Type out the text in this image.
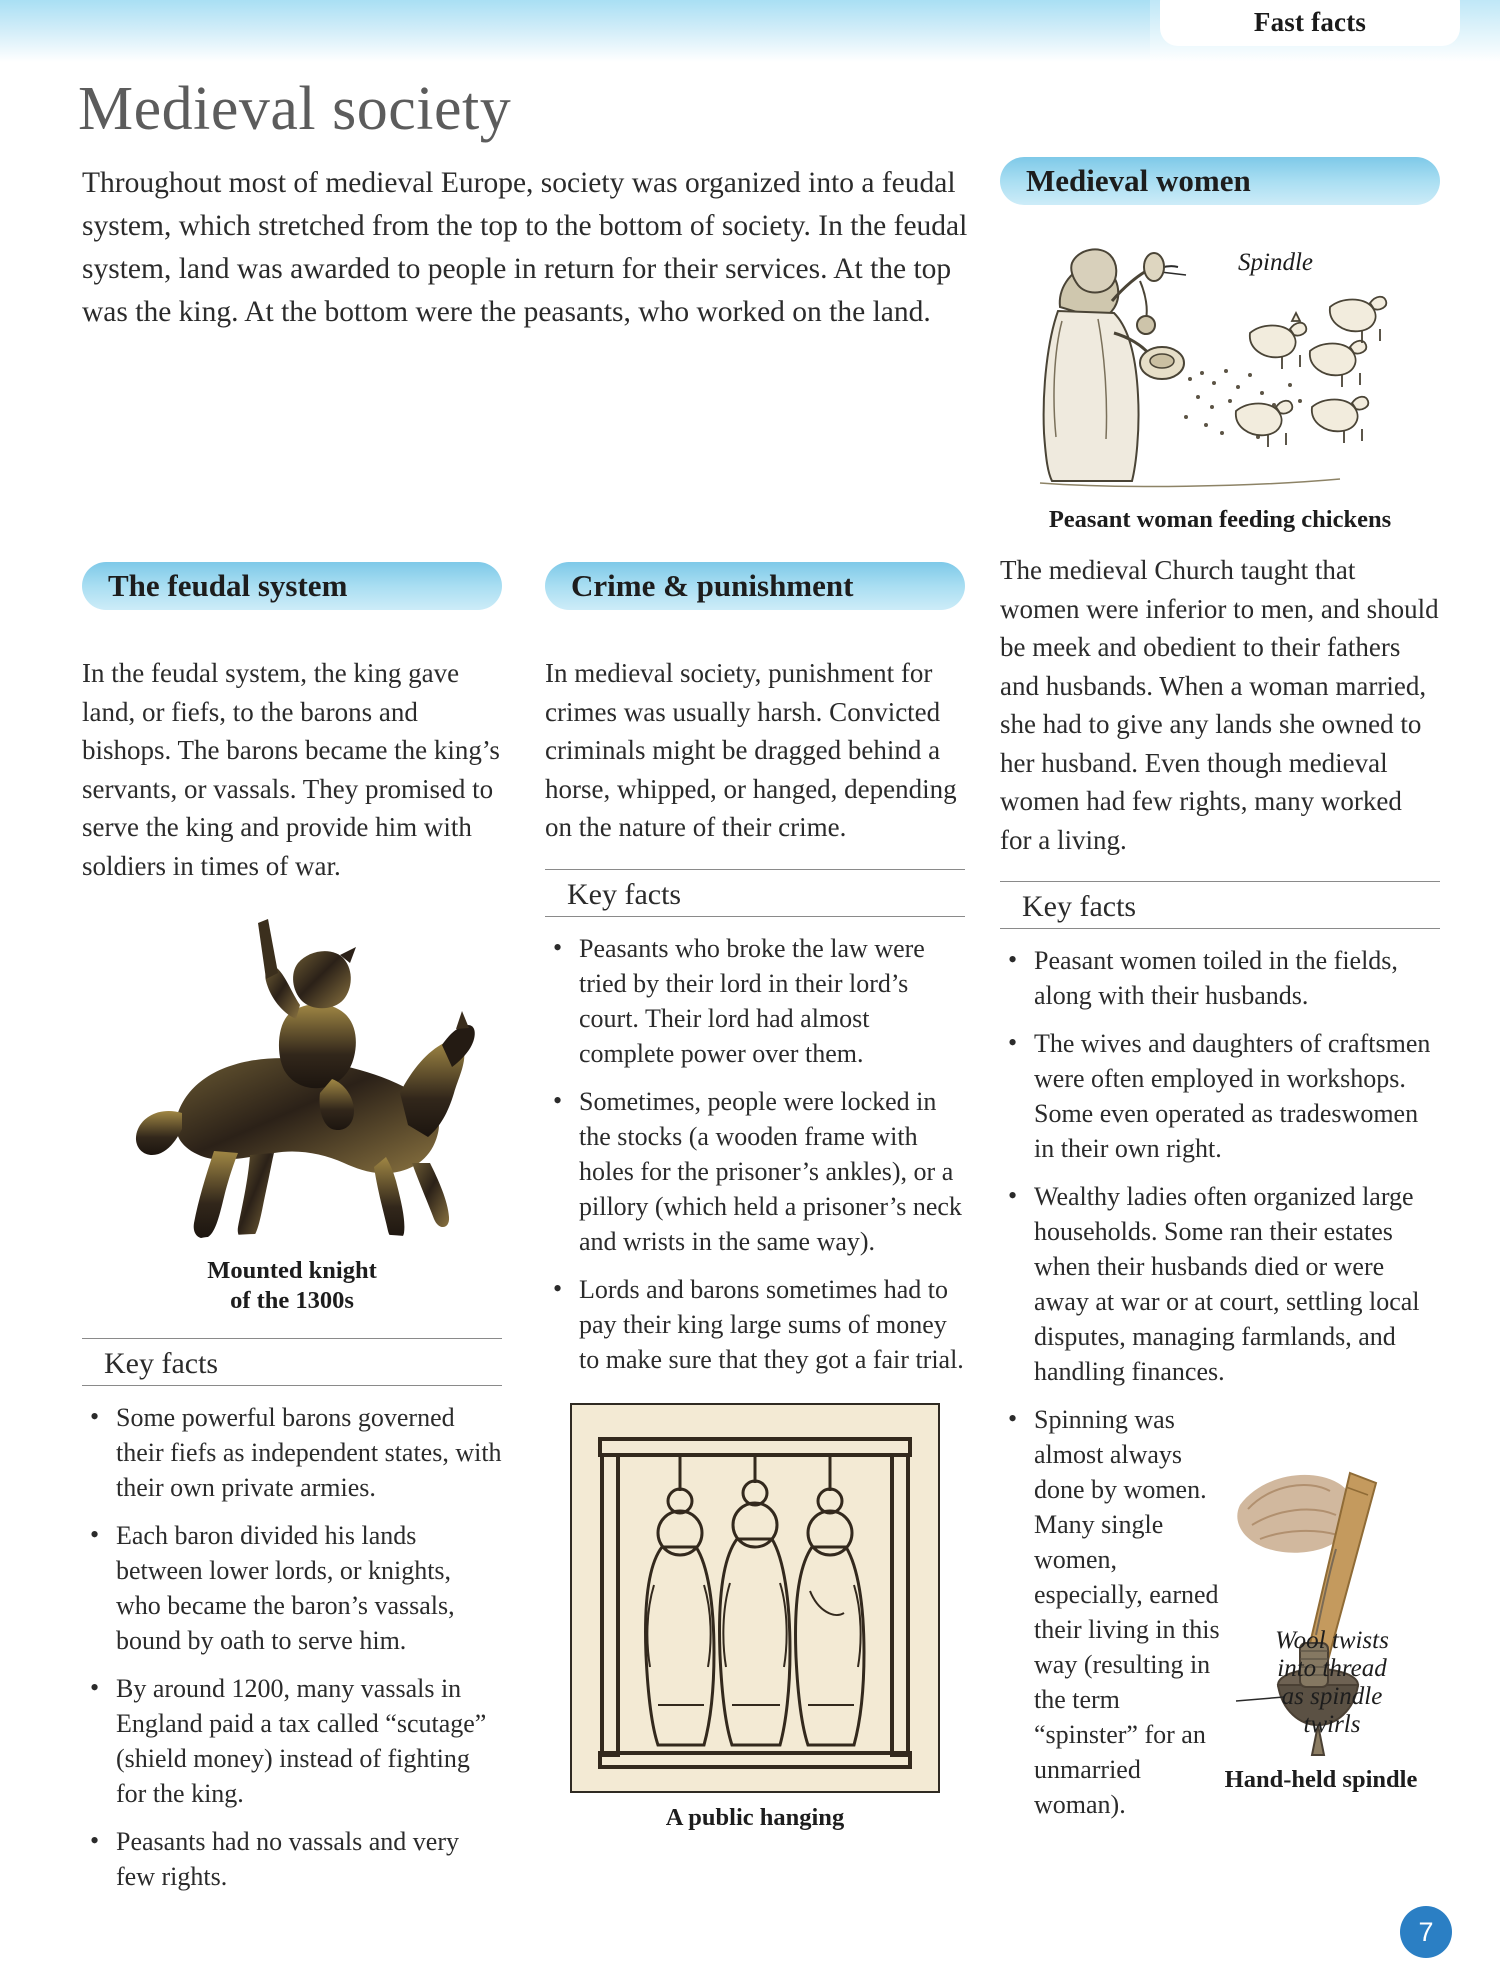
Fast facts
Medieval society
Throughout most of medieval Europe, society was organized into a feudal system, which stretched from the top to the bottom of society. In the feudal system, land was awarded to people in return for their services. At the top was the king. At the bottom were the peasants, who worked on the land.
The feudal system
In the feudal system, the king gave land, or fiefs, to the barons and bishops. The barons became the king’s servants, or vassals. They promised to serve the king and provide him with soldiers in times of war.
Mounted knight
of the 1300s
Key facts
• Some powerful barons governed their fiefs as independent states, with their own private armies.
• Each baron divided his lands between lower lords, or knights, who became the baron’s vassals, bound by oath to serve him.
• By around 1200, many vassals in England paid a tax called “scutage” (shield money) instead of fighting for the king.
• Peasants had no vassals and very few rights.
Crime & punishment
In medieval society, punishment for crimes was usually harsh. Convicted criminals might be dragged behind a horse, whipped, or hanged, depending on the nature of their crime.
Key facts
• Peasants who broke the law were tried by their lord in their lord’s court. Their lord had almost complete power over them.
• Sometimes, people were locked in the stocks (a wooden frame with holes for the prisoner’s ankles), or a pillory (which held a prisoner’s neck and wrists in the same way).
• Lords and barons sometimes had to pay their king large sums of money to make sure that they got a fair trial.
A public hanging
Medieval women
Spindle
Peasant woman feeding chickens
The medieval Church taught that women were inferior to men, and should be meek and obedient to their fathers and husbands. When a woman married, she had to give any lands she owned to her husband. Even though medieval women had few rights, many worked for a living.
Key facts
• Peasant women toiled in the fields, along with their husbands.
• The wives and daughters of craftsmen were often employed in workshops. Some even operated as tradeswomen in their own right.
• Wealthy ladies often organized large households. Some ran their estates when their husbands died or were away at war or at court, settling local disputes, managing farmlands, and handling finances.
• Spinning was almost always done by women. Many single women, especially, earned their living in this way (resulting in the term “spinster” for an unmarried woman).
Wool twists
into thread
as spindle
twirls
Hand-held spindle
7
